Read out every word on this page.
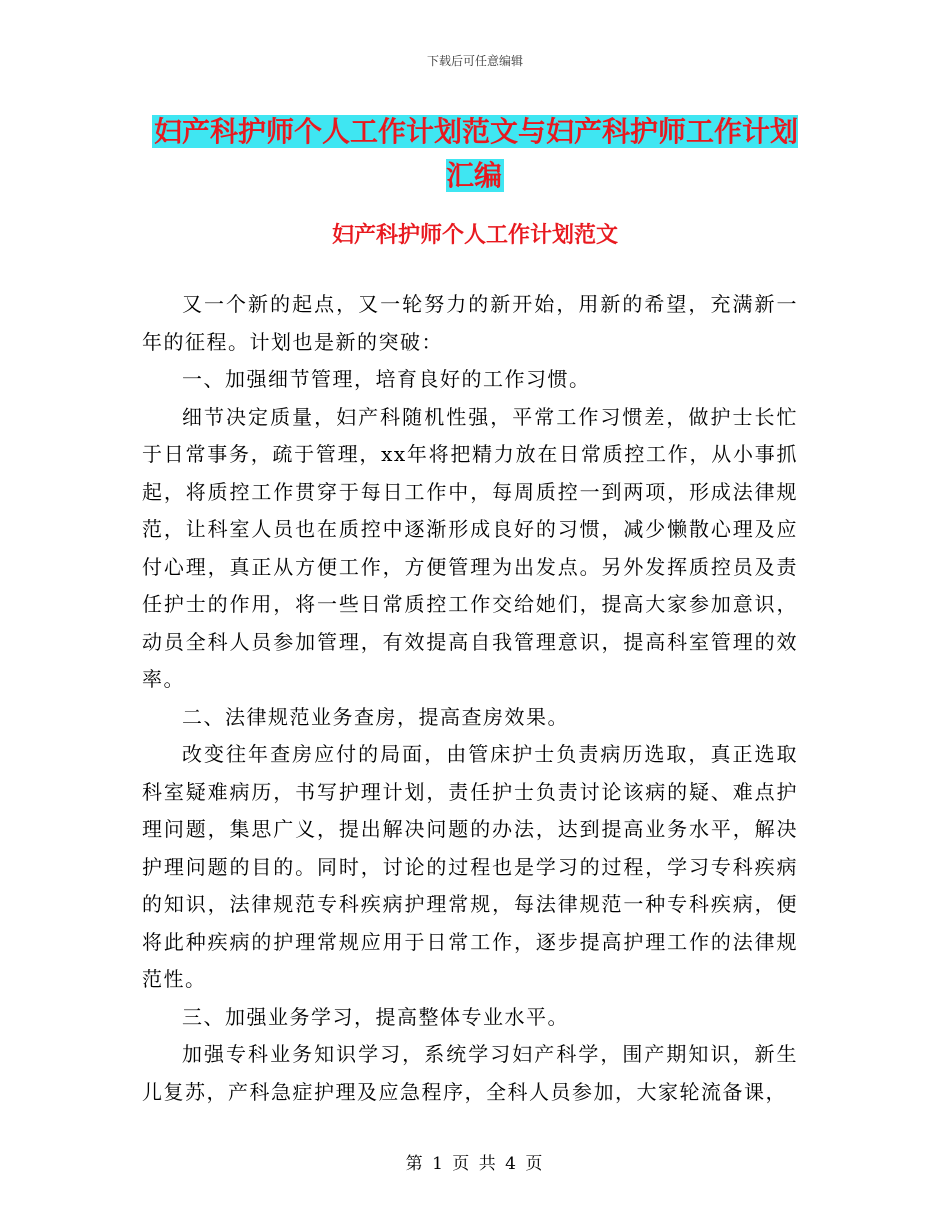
下载后可任意编辑
妇产科护师个人工作计划范文与妇产科护师工作计划汇编
妇产科护师个人工作计划范文

又一个新的起点，又一轮努力的新开始，用新的希望，充满新一年的征程。计划也是新的突破：

一、加强细节管理，培育良好的工作习惯。

细节决定质量，妇产科随机性强，平常工作习惯差，做护士长忙于日常事务，疏于管理，xx年将把精力放在日常质控工作，从小事抓起，将质控工作贯穿于每日工作中，每周质控一到两项，形成法律规范，让科室人员也在质控中逐渐形成良好的习惯，减少懒散心理及应付心理，真正从方便工作，方便管理为出发点。另外发挥质控员及责任护士的作用，将一些日常质控工作交给她们，提高大家参加意识，动员全科人员参加管理，有效提高自我管理意识，提高科室管理的效率。

二、法律规范业务查房，提高查房效果。

改变往年查房应付的局面，由管床护士负责病历选取，真正选取科室疑难病历，书写护理计划，责任护士负责讨论该病的疑、难点护理问题，集思广义，提出解决问题的办法，达到提高业务水平，解决护理问题的目的。同时，讨论的过程也是学习的过程，学习专科疾病的知识，法律规范专科疾病护理常规，每法律规范一种专科疾病，便将此种疾病的护理常规应用于日常工作，逐步提高护理工作的法律规范性。

三、加强业务学习，提高整体专业水平。

加强专科业务知识学习，系统学习妇产科学，围产期知识，新生儿复苏，产科急症护理及应急程序，全科人员参加，大家轮流备课，

第 1 页 共 4 页
